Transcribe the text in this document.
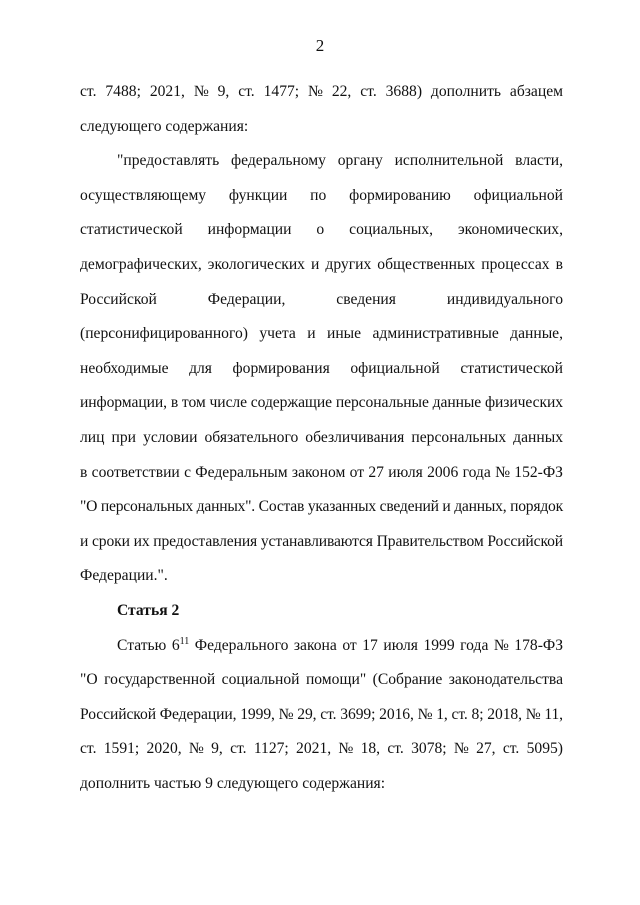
2
ст. 7488; 2021, № 9, ст. 1477; № 22, ст. 3688) дополнить абзацем
следующего содержания:
"предоставлять федеральному органу исполнительной власти,
осуществляющему функции по формированию официальной
статистической информации о социальных, экономических,
демографических, экологических и других общественных процессах в
Российской Федерации, сведения индивидуального
(персонифицированного) учета и иные административные данные,
необходимые для формирования официальной статистической
информации, в том числе содержащие персональные данные физических
лиц при условии обязательного обезличивания персональных данных
в соответствии с Федеральным законом от 27 июля 2006 года № 152-ФЗ
"О персональных данных". Состав указанных сведений и данных, порядок
и сроки их предоставления устанавливаются Правительством Российской
Федерации.".
Статья 2
Статью $6^{11}$ Федерального закона от 17 июля 1999 года № 178-ФЗ
"О государственной социальной помощи" (Собрание законодательства
Российской Федерации, 1999, № 29, ст. 3699; 2016, № 1, ст. 8; 2018, № 11,
ст. 1591; 2020, № 9, ст. 1127; 2021, № 18, ст. 3078; № 27, ст. 5095)
дополнить частью 9 следующего содержания:
